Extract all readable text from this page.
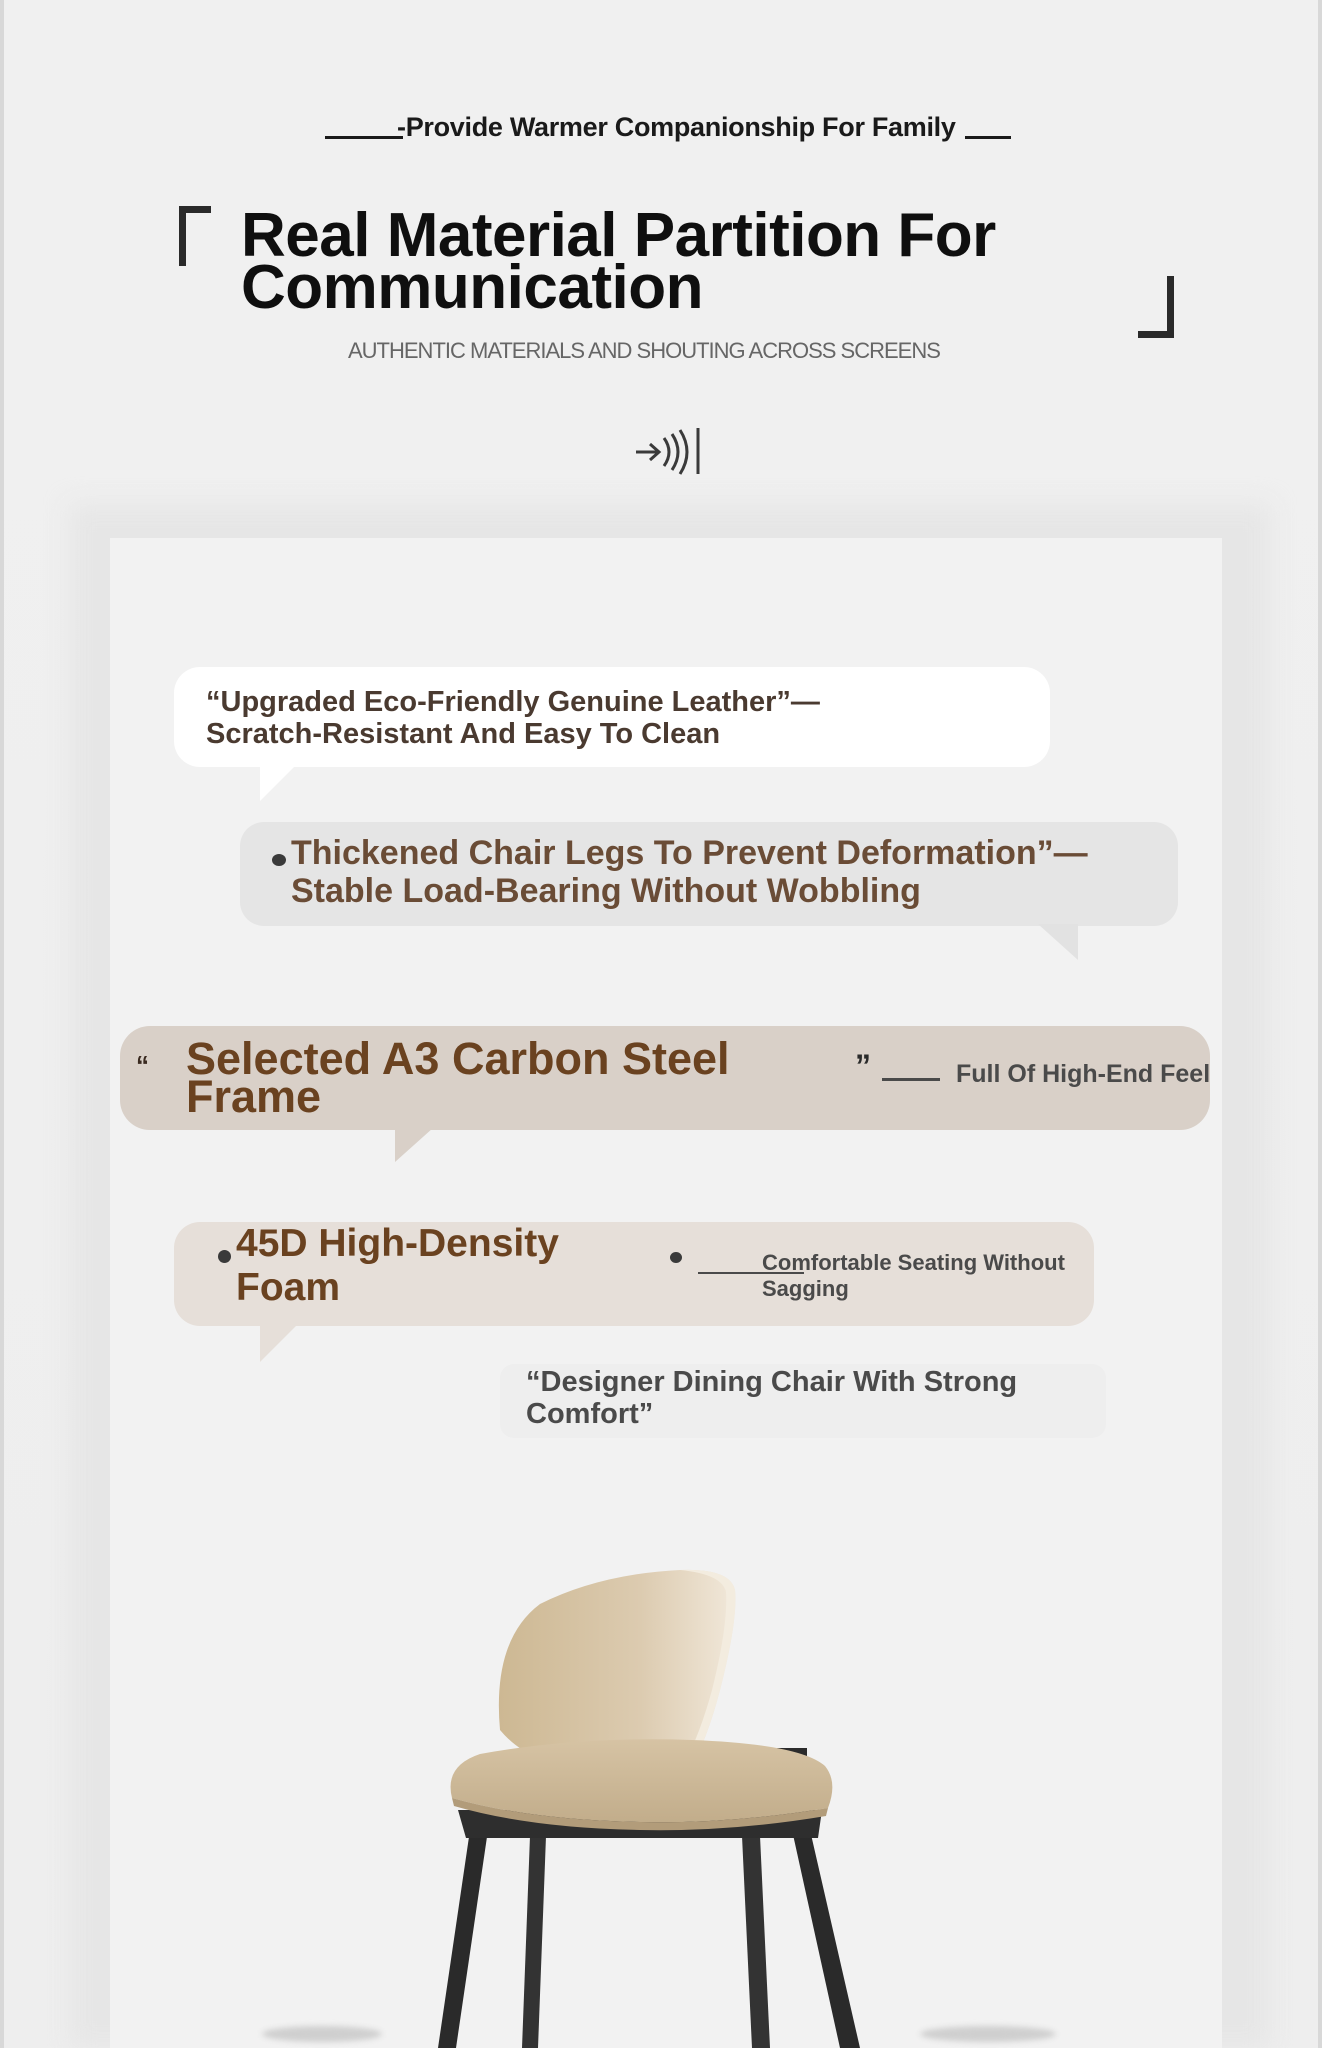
-Provide Warmer Companionship For Family
Real Material Partition For Communication
AUTHENTIC MATERIALS AND SHOUTING ACROSS SCREENS
“Upgraded Eco-Friendly Genuine Leather”—Scratch-Resistant And Easy To Clean
Thickened Chair Legs To Prevent Deformation”—Stable Load-Bearing Without Wobbling
“ Selected A3 Carbon Steel Frame
”	Full Of High-End Feel
45D High-Density Foam
Comfortable Seating Without Sagging
“Designer Dining Chair With Strong Comfort”
